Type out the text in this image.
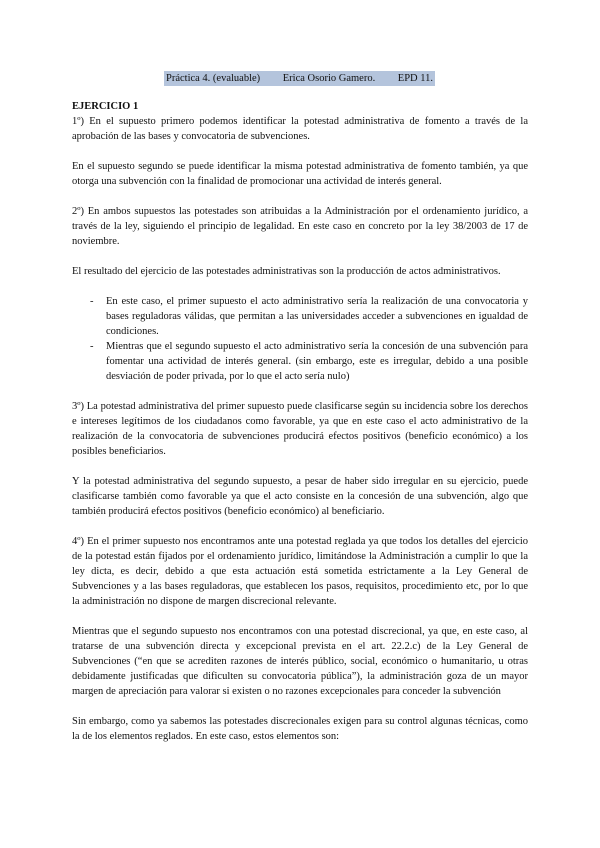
Práctica 4. (evaluable) Erica Osorio Gamero. EPD 11.

EJERCICIO 1

1º) En el supuesto primero podemos identificar la potestad administrativa de fomento a través de la aprobación de las bases y convocatoria de subvenciones.

En el supuesto segundo se puede identificar la misma potestad administrativa de fomento también, ya que otorga una subvención con la finalidad de promocionar una actividad de interés general.

2º) En ambos supuestos las potestades son atribuidas a la Administración por el ordenamiento jurídico, a través de la ley, siguiendo el principio de legalidad. En este caso en concreto por la ley 38/2003 de 17 de noviembre.

El resultado del ejercicio de las potestades administrativas son la producción de actos administrativos.

- En este caso, el primer supuesto el acto administrativo sería la realización de una convocatoria y bases reguladoras válidas, que permitan a las universidades acceder a subvenciones en igualdad de condiciones.
- Mientras que el segundo supuesto el acto administrativo sería la concesión de una subvención para fomentar una actividad de interés general. (sin embargo, este es irregular, debido a una posible desviación de poder privada, por lo que el acto sería nulo)

3º) La potestad administrativa del primer supuesto puede clasificarse según su incidencia sobre los derechos e intereses legítimos de los ciudadanos como favorable, ya que en este caso el acto administrativo de la realización de la convocatoria de subvenciones producirá efectos positivos (beneficio económico) a los posibles beneficiarios.

Y la potestad administrativa del segundo supuesto, a pesar de haber sido irregular en su ejercicio, puede clasificarse también como favorable ya que el acto consiste en la concesión de una subvención, algo que también producirá efectos positivos (beneficio económico) al beneficiario.

4º) En el primer supuesto nos encontramos ante una potestad reglada ya que todos los detalles del ejercicio de la potestad están fijados por el ordenamiento jurídico, limitándose la Administración a cumplir lo que la ley dicta, es decir, debido a que esta actuación está sometida estrictamente a la Ley General de Subvenciones y a las bases reguladoras, que establecen los pasos, requisitos, procedimiento etc, por lo que la administración no dispone de margen discrecional relevante.

Mientras que el segundo supuesto nos encontramos con una potestad discrecional, ya que, en este caso, al tratarse de una subvención directa y excepcional prevista en el art. 22.2.c) de la Ley General de Subvenciones (“en que se acrediten razones de interés público, social, económico o humanitario, u otras debidamente justificadas que dificulten su convocatoria pública”), la administración goza de un mayor margen de apreciación para valorar si existen o no razones excepcionales para conceder la subvención

Sin embargo, como ya sabemos las potestades discrecionales exigen para su control algunas técnicas, como la de los elementos reglados. En este caso, estos elementos son:
